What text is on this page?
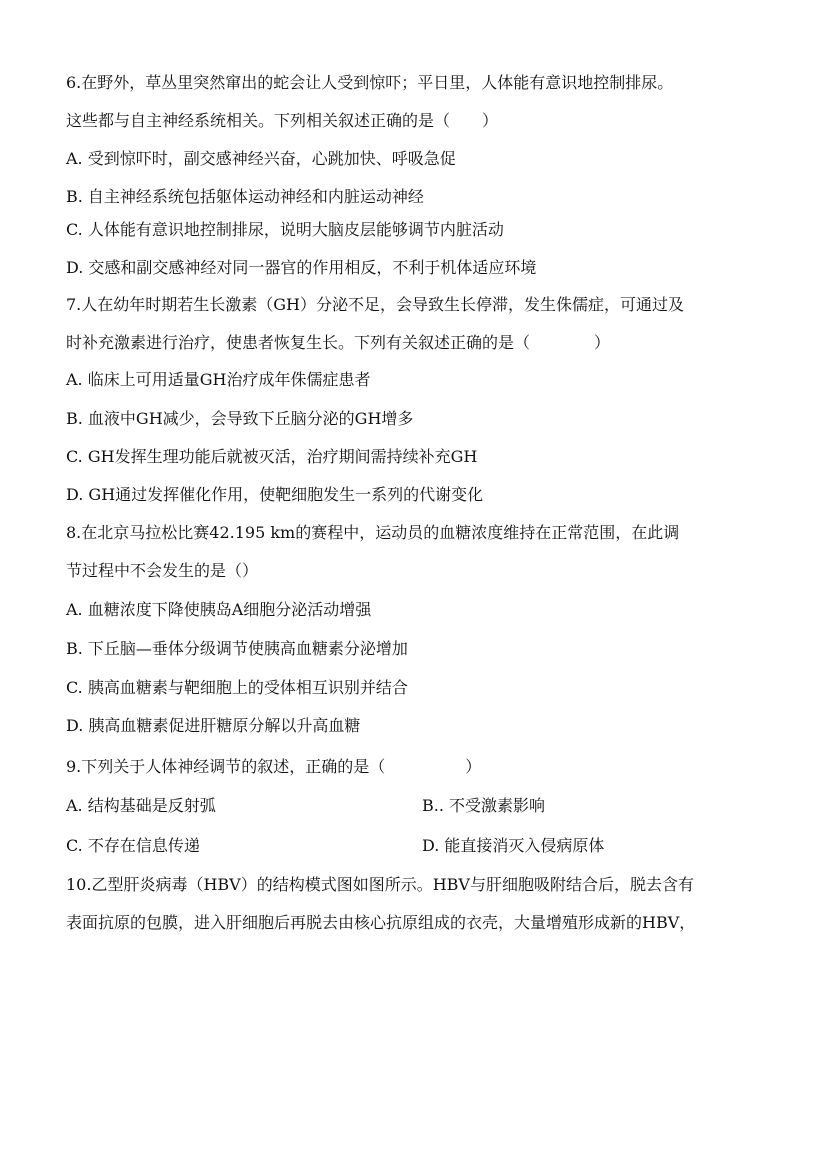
6.在野外，草丛里突然窜出的蛇会让人受到惊吓；平日里，人体能有意识地控制排尿。
这些都与自主神经系统相关。下列相关叙述正确的是（　　）
A. 受到惊吓时，副交感神经兴奋，心跳加快、呼吸急促
B. 自主神经系统包括躯体运动神经和内脏运动神经
C. 人体能有意识地控制排尿，说明大脑皮层能够调节内脏活动
D. 交感和副交感神经对同一器官的作用相反，不利于机体适应环境
7.人在幼年时期若生长激素（GH）分泌不足，会导致生长停滞，发生侏儒症，可通过及
时补充激素进行治疗，使患者恢复生长。下列有关叙述正确的是（　　　　）
A. 临床上可用适量GH治疗成年侏儒症患者
B. 血液中GH减少，会导致下丘脑分泌的GH增多
C. GH发挥生理功能后就被灭活，治疗期间需持续补充GH
D. GH通过发挥催化作用，使靶细胞发生一系列的代谢变化
8.在北京马拉松比赛42.195 km的赛程中，运动员的血糖浓度维持在正常范围，在此调
节过程中不会发生的是（）
A. 血糖浓度下降使胰岛A细胞分泌活动增强
B. 下丘脑—垂体分级调节使胰高血糖素分泌增加
C. 胰高血糖素与靶细胞上的受体相互识别并结合
D. 胰高血糖素促进肝糖原分解以升高血糖
9.下列关于人体神经调节的叙述，正确的是（　　　　　）
A. 结构基础是反射弧	B.. 不受激素影响
C. 不存在信息传递	D. 能直接消灭入侵病原体
10.乙型肝炎病毒（HBV）的结构模式图如图所示。HBV与肝细胞吸附结合后，脱去含有
表面抗原的包膜，进入肝细胞后再脱去由核心抗原组成的衣壳，大量增殖形成新的HBV，
